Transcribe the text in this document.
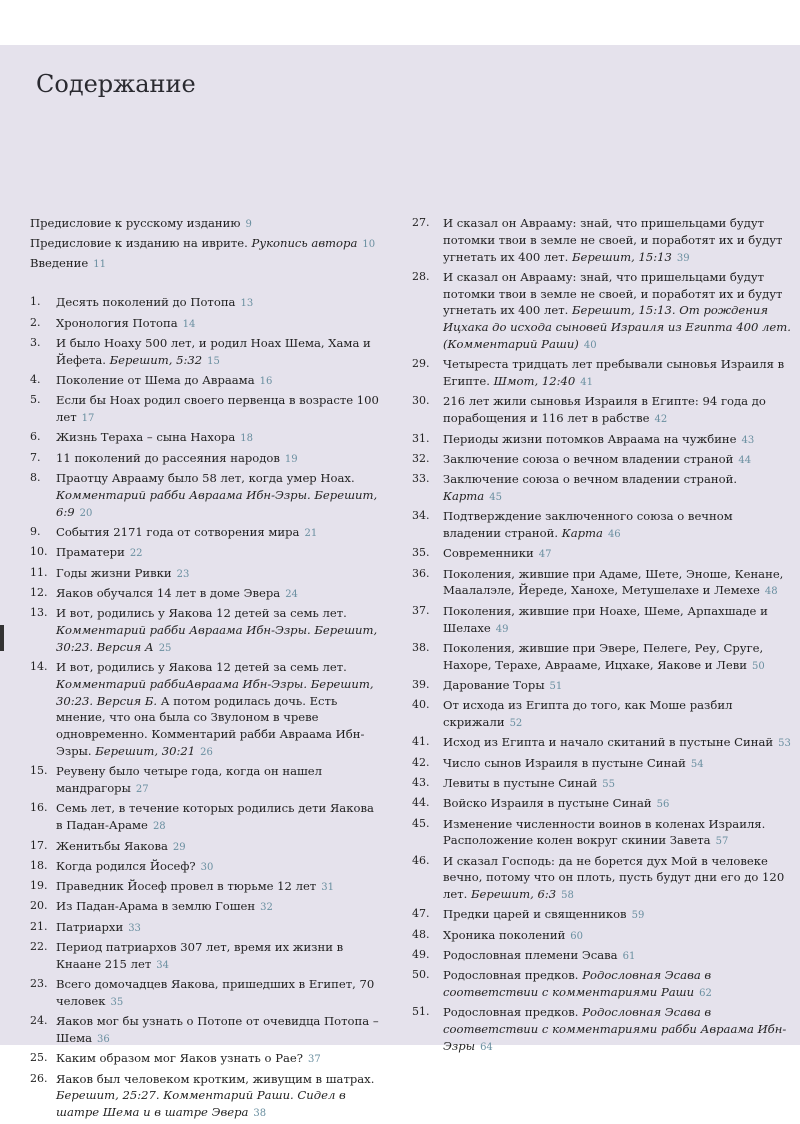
Содержание
Предисловие к русскому изданию 9
Предисловие к изданию на иврите. Рукопись автора 10
Введение 11
1.	Десять поколений до Потопа 13
2.	Хронология Потопа 14
3.	И было Ноаху 500 лет, и родил Ноах Шема, Хама и Йефета. Берешит, 5:32 15
4.	Поколение от Шема до Авраама 16
5.	Если бы Ноах родил своего первенца в возрасте 100 лет 17
6.	Жизнь Тераха – сына Нахора 18
7.	11 поколений до рассеяния народов 19
8.	Праотцу Аврааму было 58 лет, когда умер Ноах. Комментарий рабби Авраама Ибн-Эзры. Берешит, 6:9 20
9.	События 2171 года от сотворения мира 21
10. Праматери 22
11. Годы жизни Ривки 23
12. Яаков обучался 14 лет в доме Эвера 24
13. И вот, родились у Яакова 12 детей за семь лет. Комментарий рабби Авраама Ибн-Эзры. Берешит, 30:23. Версия А 25
14. И вот, родились у Яакова 12 детей за семь лет. Комментарий раббиАвраама Ибн-Эзры. Берешит, 30:23. Версия Б. А потом родилась дочь. Есть мнение, что она была со Звулоном в чреве одновременно. Комментарий рабби Авраама Ибн-Эзры. Берешит, 30:21 26
15. Реувену было четыре года, когда он нашел мандрагоры 27
16. Семь лет, в течение которых родились дети Яакова в Падан-Араме 28
17. Женитьбы Яакова 29
18. Когда родился Йосеф? 30
19. Праведник Йосеф провел в тюрьме 12 лет 31
20. Из Падан-Арама в землю Гошен 32
21. Патриархи 33
22. Период патриархов 307 лет, время их жизни в Кнаане 215 лет 34
23. Всего домочадцев Яакова, пришедших в Египет, 70 человек 35
24. Яаков мог бы узнать о Потопе от очевидца Потопа – Шема 36
25. Каким образом мог Яаков узнать о Рае? 37
26. Яаков был человеком кротким, живущим в шатрах. Берешит, 25:27. Комментарий Раши. Сидел в шатре Шема и в шатре Эвера 38
27.	И сказал он Аврааму: знай, что пришельцами будут потомки твои в земле не своей, и поработят их и будут угнетать их 400 лет. Берешит, 15:13 39
28.	И сказал он Аврааму: знай, что пришельцами будут потомки твои в земле не своей, и поработят их и будут угнетать их 400 лет. Берешит, 15:13. От рождения Ицхака до исхода сыновей Израиля из Египта 400 лет. (Комментарий Раши) 40
29.	Четыреста тридцать лет пребывали сыновья Израиля в Египте. Шмот, 12:40 41
30.	216 лет жили сыновья Израиля в Египте: 94 года до порабощения и 116 лет в рабстве 42
31.	Периоды жизни потомков Авраама на чужбине 43
32.	Заключение союза о вечном владении страной 44
33.	Заключение союза о вечном владении страной. Карта 45
34.	Подтверждение заключенного союза о вечном владении страной. Карта 46
35.	Современники 47
36.	Поколения, жившие при Адаме, Шете, Эноше, Кенане, Маалалэле, Йереде, Ханохе, Метушелахе и Лемехе 48
37.	Поколения, жившие при Ноахе, Шеме, Арпахшаде и Шелахе 49
38.	Поколения, жившие при Эвере, Пелеге, Реу, Сруге, Нахоре, Терахе, Аврааме, Ицхаке, Яакове и Леви 50
39.	Дарование Торы 51
40.	От исхода из Египта до того, как Моше разбил скрижали 52
41.	Исход из Египта и начало скитаний в пустыне Синай 53
42.	Число сынов Израиля в пустыне Синай 54
43.	Левиты в пустыне Синай 55
44.	Войско Израиля в пустыне Синай 56
45.	Изменение численности воинов в коленах Израиля. Расположение колен вокруг скинии Завета 57
46.	И сказал Господь: да не борется дух Мой в человеке вечно, потому что он плоть, пусть будут дни его до 120 лет. Берешит, 6:3 58
47.	Предки царей и священников 59
48.	Хроника поколений 60
49.	Родословная племени Эсава 61
50.	Родословная предков. Родословная Эсава в соответствии с комментариями Раши 62
51.	Родословная предков. Родословная Эсава в соответствии с комментариями рабби Авраама Ибн-Эзры 64
